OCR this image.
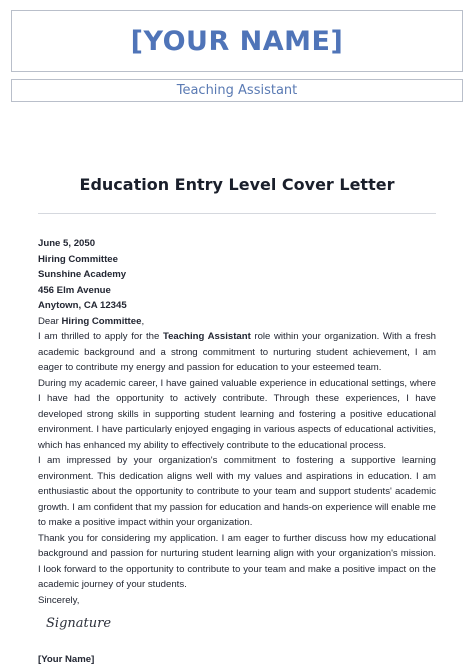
[YOUR NAME]
Teaching Assistant
Education Entry Level Cover Letter

June 5, 2050

Hiring Committee

Sunshine Academy

456 Elm Avenue

Anytown, CA 12345

Dear Hiring Committee,

I am thrilled to apply for the Teaching Assistant role within your organization. With a fresh academic background and a strong commitment to nurturing student achievement, I am eager to contribute my energy and passion for education to your esteemed team.

During my academic career, I have gained valuable experience in educational settings, where I have had the opportunity to actively contribute. Through these experiences, I have developed strong skills in supporting student learning and fostering a positive educational environment. I have particularly enjoyed engaging in various aspects of educational activities, which has enhanced my ability to effectively contribute to the educational process.

I am impressed by your organization's commitment to fostering a supportive learning environment. This dedication aligns well with my values and aspirations in education. I am enthusiastic about the opportunity to contribute to your team and support students' academic growth. I am confident that my passion for education and hands-on experience will enable me to make a positive impact within your organization.

Thank you for considering my application. I am eager to further discuss how my educational background and passion for nurturing student learning align with your organization's mission. I look forward to the opportunity to contribute to your team and make a positive impact on the academic journey of your students.

Sincerely,

Signature
[Your Name]
